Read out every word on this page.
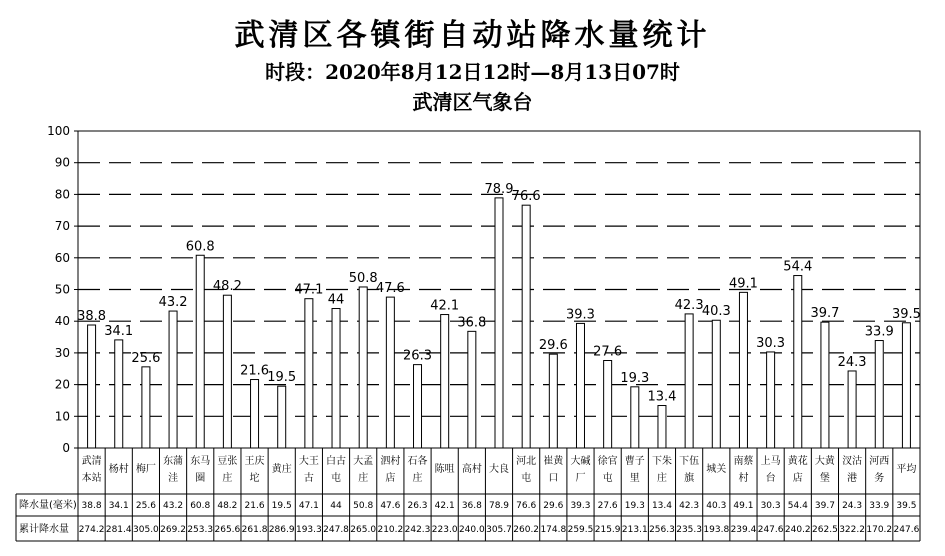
武清区各镇街自动站降水量统计
时段：2020年8月12日12时—8月13日07时
武清区气象台
0
10
20
30
40
50
60
70
80
90
100
38.8
34.1
25.6
43.2
60.8
48.2
21.6
19.5
47.1
44
50.8
47.6
26.3
42.1
36.8
78.9
76.6
29.6
39.3
27.6
19.3
13.4
42.3
40.3
49.1
30.3
54.4
39.7
24.3
33.9
39.5
武清
本站
杨村 梅厂
东蒲
洼
东马
圈
豆张
庄
王庆
坨
黄庄
大王
古
白古
屯
大孟
庄
泗村
店
石各
庄
陈咀 高村 大良
河北
屯
崔黄
口
大碱
厂
徐官
屯
曹子
里
下朱
庄
下伍
旗
城关
南蔡
村
上马
台
黄花
店
大黄
堡
汊沽
港
河西
务
平均
降水量(毫米) 38.8 34.1 25.6 43.2 60.8 48.2 21.6 19.5 47.1 44 50.8 47.6 26.3 42.1 36.8 78.9 76.6 29.6 39.3 27.6 19.3 13.4 42.3 40.3 49.1 30.3 54.4 39.7 24.3 33.9 39.5
累计降水量 274.2 281.4 305.0 269.2 253.3 265.6 261.8 286.9 193.3 247.8 265.0 210.2 242.3 223.0 240.0 305.7 260.2 174.8 259.5 215.9 213.1 256.3 235.3 193.8 239.4 247.6 240.2 262.5 322.2 170.2 247.6
